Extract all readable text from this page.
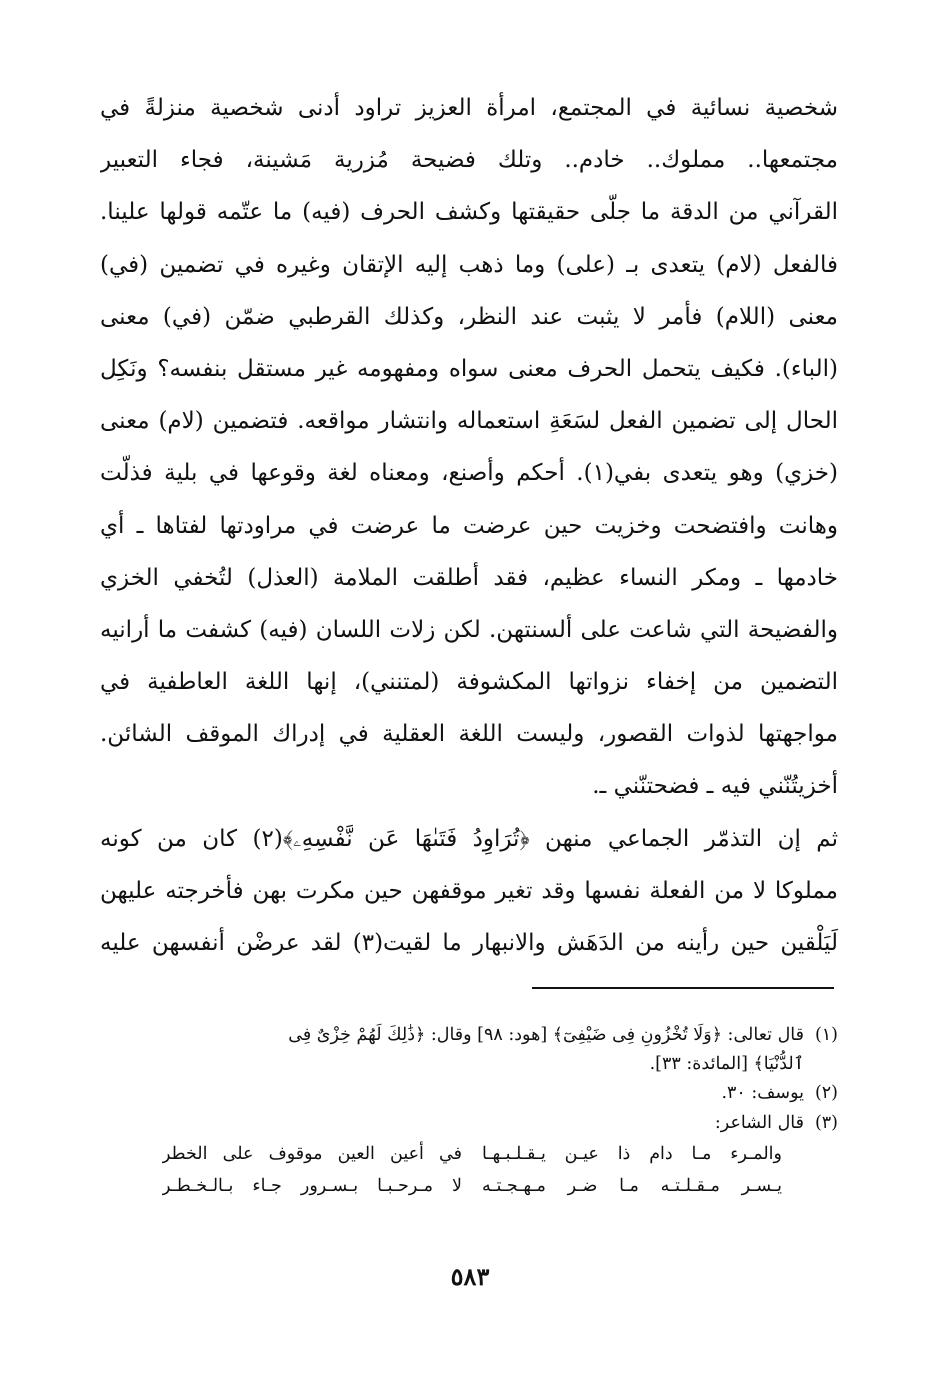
شخصية نسائية في المجتمع، امرأة العزيز تراود أدنى شخصية منزلةً في
مجتمعها.. مملوك.. خادم.. وتلك فضيحة مُزرية مَشينة، فجاء التعبير
القرآني من الدقة ما جلّى حقيقتها وكشف الحرف (فيه) ما عتّمه قولها علينا.
فالفعل (لام) يتعدى بـ (على) وما ذهب إليه الإتقان وغيره في تضمين (في)
معنى (اللام) فأمر لا يثبت عند النظر، وكذلك القرطبي ضمّن (في) معنى
(الباء). فكيف يتحمل الحرف معنى سواه ومفهومه غير مستقل بنفسه؟ ونَكِل
الحال إلى تضمين الفعل لسَعَةِ استعماله وانتشار مواقعه. فتضمين (لام) معنى
(خزي) وهو يتعدى بفي(١). أحكم وأصنع، ومعناه لغة وقوعها في بلية فذلّت
وهانت وافتضحت وخزيت حين عرضت ما عرضت في مراودتها لفتاها ـ أي
خادمها ـ ومكر النساء عظيم، فقد أطلقت الملامة (العذل) لتُخفي الخزي
والفضيحة التي شاعت على ألسنتهن. لكن زلات اللسان (فيه) كشفت ما أرانيه
التضمين من إخفاء نزواتها المكشوفة (لمتنني)، إنها اللغة العاطفية في
مواجهتها لذوات القصور، وليست اللغة العقلية في إدراك الموقف الشائن.
أخزيتُنّني فيه ـ فضحتنّني ـ.
ثم إن التذمّر الجماعي منهن ﴿تُرَاوِدُ فَتَىٰهَا عَن نَّفْسِهِۦ﴾(٢) كان من كونه
مملوكا لا من الفعلة نفسها وقد تغير موقفهن حين مكرت بهن فأخرجته عليهن
لَيَلْقين حين رأينه من الدَهَش والانبهار ما لقيت(٣) لقد عرضْن أنفسهن عليه
(١)
قال تعالى: ﴿وَلَا تُخْزُونِ فِى ضَيْفِىٓ﴾ [هود: ٩٨] وقال: ﴿ذَٰلِكَ لَهُمْ خِزْىٌ فِى
ٱلدُّنْيَا﴾ [المائدة: ٣٣].
(٢)
يوسف: ٣٠.
(٣)
قال الشاعر:
والمـرء مـا دام ذا عيـن يـقـلـبـهـا
في أعين العين موقوف على الخطر
يـسـر مـقـلـتـه مـا ضـر مـهـجـتـه
لا مـرحـبـا بـسـرور جـاء بـالـخـطـر
٥٨٣
